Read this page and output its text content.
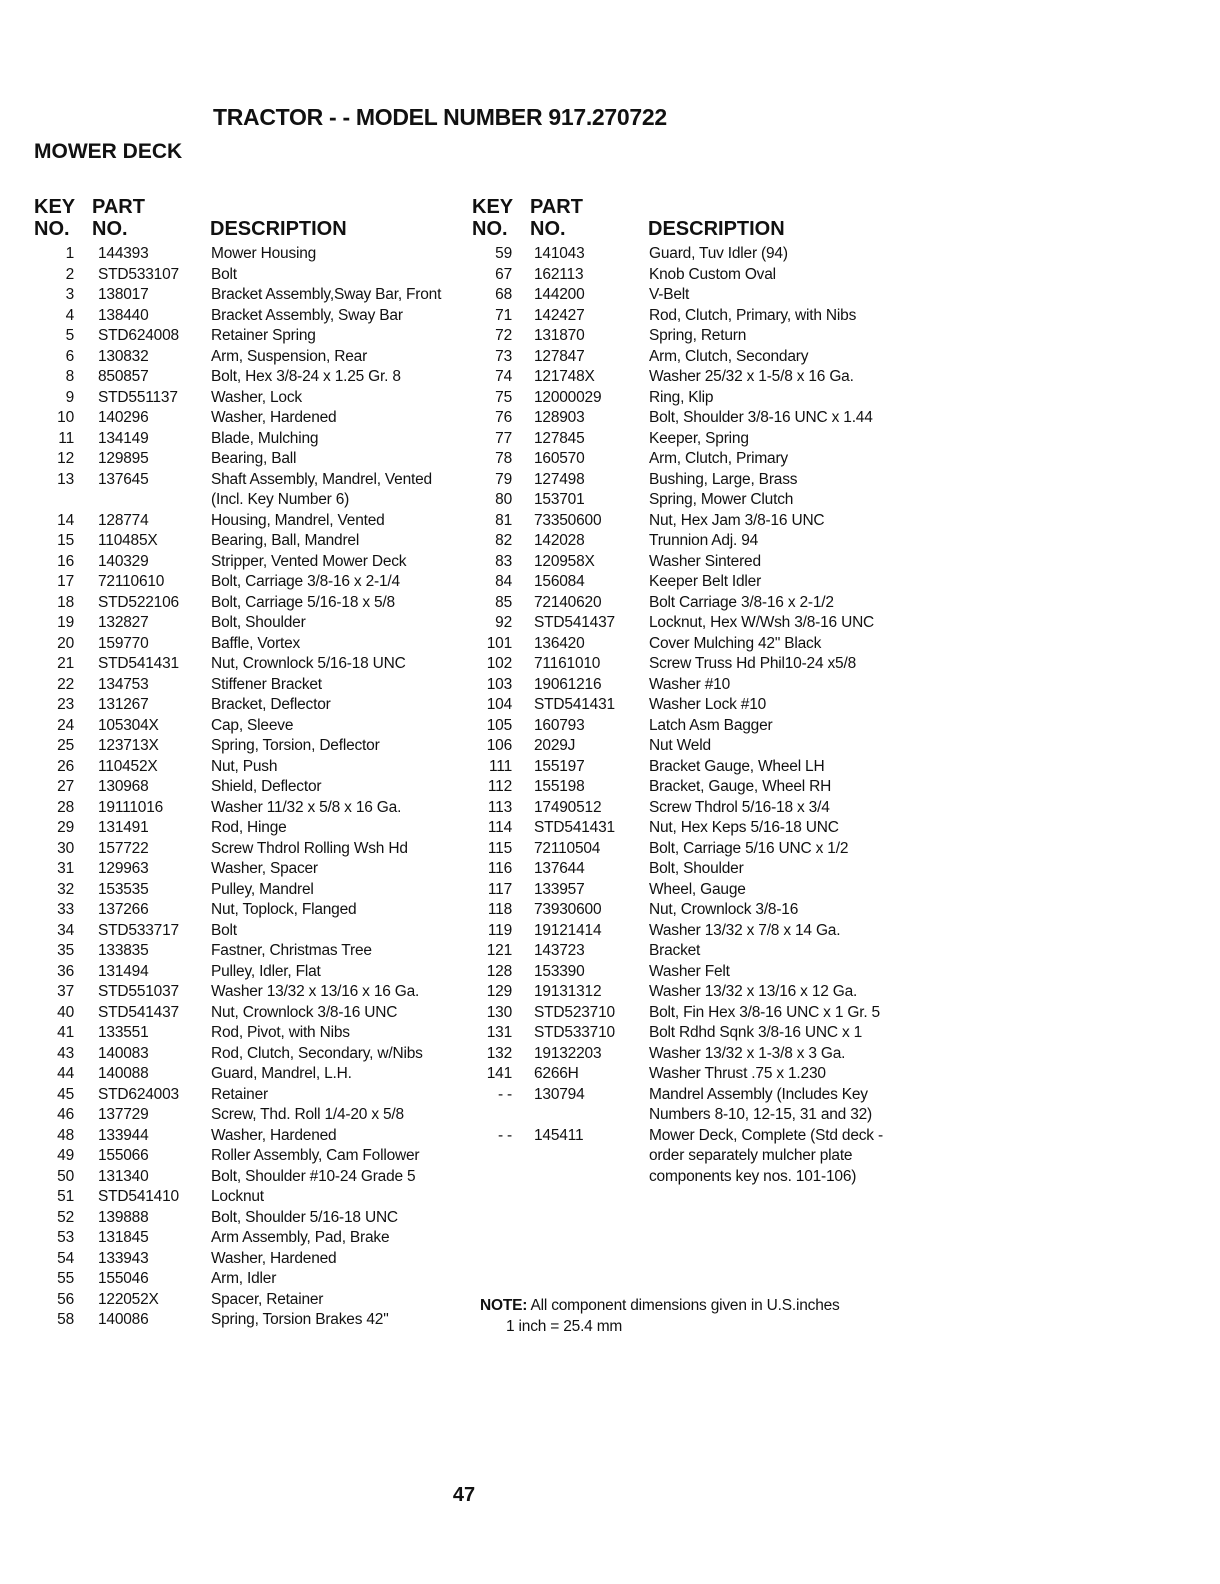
TRACTOR - - MODEL NUMBER 917.270722
MOWER DECK
KEY
NO.
PART
NO.	DESCRIPTION
1 144393	Mower Housing
2 STD533107 Bolt
3 138017	Bracket Assembly,Sway Bar, Front
4 138440	Bracket Assembly, Sway Bar
5 STD624008 Retainer Spring
6 130832	Arm, Suspension, Rear
8 850857	Bolt, Hex 3/8-24 x 1.25 Gr. 8
9 STD551137 Washer, Lock
10 140296	Washer, Hardened
11 134149	Blade, Mulching
12 129895	Bearing, Ball
13 137645	Shaft Assembly, Mandrel, Vented (Incl. Key Number 6)
14 128774	Housing, Mandrel, Vented
15 110485X	Bearing, Ball, Mandrel
16 140329	Stripper, Vented Mower Deck
17 72110610	Bolt, Carriage 3/8-16 x 2-1/4
18 STD522106 Bolt, Carriage 5/16-18 x 5/8
19 132827	Bolt, Shoulder
20 159770	Baffle, Vortex
21 STD541431 Nut, Crownlock 5/16-18 UNC
22 134753	Stiffener Bracket
23 131267	Bracket, Deflector
24 105304X	Cap, Sleeve
25 123713X	Spring, Torsion, Deflector
26 110452X	Nut, Push
27 130968	Shield, Deflector
28 19111016	Washer 11/32 x 5/8 x 16 Ga.
29 131491	Rod, Hinge
30 157722	Screw Thdrol Rolling Wsh Hd
31 129963	Washer, Spacer
32 153535	Pulley, Mandrel
33 137266	Nut, Toplock, Flanged
34 STD533717 Bolt
35 133835	Fastner, Christmas Tree
36 131494	Pulley, Idler, Flat
37 STD551037 Washer 13/32 x 13/16 x 16 Ga.
40 STD541437 Nut, Crownlock 3/8-16 UNC
41 133551	Rod, Pivot, with Nibs
43 140083	Rod, Clutch, Secondary, w/Nibs
44 140088	Guard, Mandrel, L.H.
45 STD624003 Retainer
46 137729	Screw, Thd. Roll 1/4-20 x 5/8
48 133944	Washer, Hardened
49 155066	Roller Assembly, Cam Follower
50 131340	Bolt, Shoulder #10-24 Grade 5
51 STD541410 Locknut
52 139888	Bolt, Shoulder 5/16-18 UNC
53 131845	Arm Assembly, Pad, Brake
54 133943	Washer, Hardened
55 155046	Arm, Idler
56 122052X	Spacer, Retainer
58 140086	Spring, Torsion Brakes 42"
KEY
NO.
PART
NO.	DESCRIPTION
59 141043	Guard, Tuv Idler (94)
67 162113	Knob Custom Oval
68 144200	V-Belt
71 142427	Rod, Clutch, Primary, with Nibs
72 131870	Spring, Return
73 127847	Arm, Clutch, Secondary
74 121748X	Washer 25/32 x 1-5/8 x 16 Ga.
75 12000029	Ring, Klip
76 128903	Bolt, Shoulder 3/8-16 UNC x 1.44
77 127845	Keeper, Spring
78 160570	Arm, Clutch, Primary
79 127498	Bushing, Large, Brass
80 153701	Spring, Mower Clutch
81 73350600	Nut, Hex Jam 3/8-16 UNC
82 142028	Trunnion Adj. 94
83 120958X	Washer Sintered
84 156084	Keeper Belt Idler
85 72140620	Bolt Carriage 3/8-16 x 2-1/2
92 STD541437 Locknut, Hex W/Wsh 3/8-16 UNC
101 136420	Cover Mulching 42" Black
102 71161010	Screw Truss Hd Phil10-24 x5/8
103 19061216	Washer #10
104 STD541431 Washer Lock #10
105 160793	Latch Asm Bagger
106 2029J	Nut Weld
111 155197	Bracket Gauge, Wheel LH
112 155198	Bracket, Gauge, Wheel RH
113 17490512	Screw Thdrol 5/16-18 x 3/4
114 STD541431 Nut, Hex Keps 5/16-18 UNC
115 72110504	Bolt, Carriage 5/16 UNC x 1/2
116 137644	Bolt, Shoulder
117 133957	Wheel, Gauge
118 73930600	Nut, Crownlock 3/8-16
119 19121414	Washer 13/32 x 7/8 x 14 Ga.
121 143723	Bracket
128 153390	Washer Felt
129 19131312	Washer 13/32 x 13/16 x 12 Ga.
130 STD523710 Bolt, Fin Hex 3/8-16 UNC x 1 Gr. 5
131 STD533710 Bolt Rdhd Sqnk 3/8-16 UNC x 1
132 19132203	Washer 13/32 x 1-3/8 x 3 Ga.
141 6266H	Washer Thrust .75 x 1.230
- - 130794	Mandrel Assembly (Includes Key Numbers 8-10, 12-15, 31 and 32)
- - 145411	Mower Deck, Complete (Std deck - order separately mulcher plate components key nos. 101-106)
NOTE: All component dimensions given in U.S.inches
1 inch = 25.4 mm
47
